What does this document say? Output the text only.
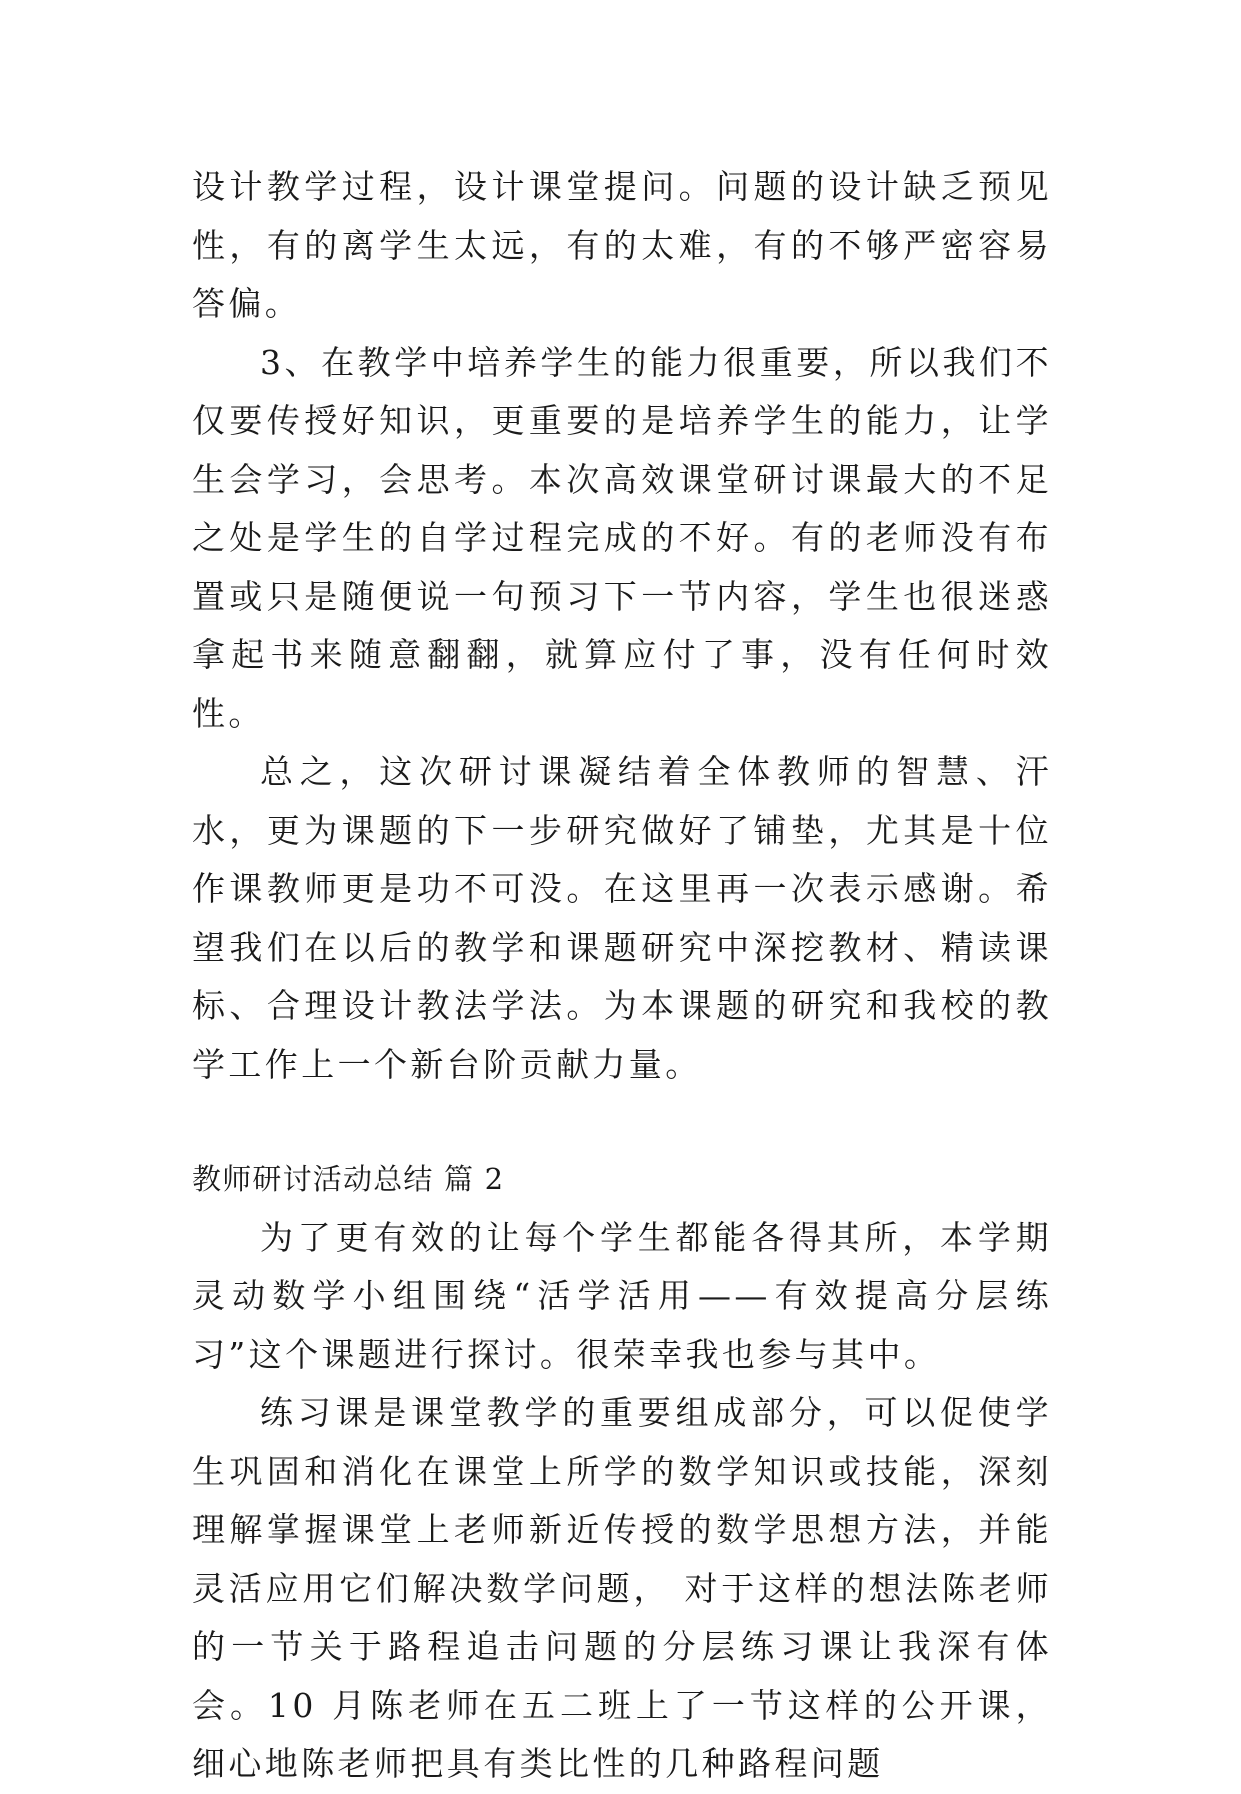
设计教学过程，设计课堂提问。问题的设计缺乏预见性，有的离学生太远，有的太难，有的不够严密容易答偏。

3、在教学中培养学生的能力很重要，所以我们不仅要传授好知识，更重要的是培养学生的能力，让学生会学习，会思考。本次高效课堂研讨课最大的不足之处是学生的自学过程完成的不好。有的老师没有布置或只是随便说一句预习下一节内容，学生也很迷惑拿起书来随意翻翻，就算应付了事，没有任何时效性。

总之，这次研讨课凝结着全体教师的智慧、汗水，更为课题的下一步研究做好了铺垫，尤其是十位作课教师更是功不可没。在这里再一次表示感谢。希望我们在以后的教学和课题研究中深挖教材、精读课标、合理设计教法学法。为本课题的研究和我校的教学工作上一个新台阶贡献力量。

教师研讨活动总结 篇 2

为了更有效的让每个学生都能各得其所，本学期灵动数学小组围绕“活学活用——有效提高分层练习”这个课题进行探讨。很荣幸我也参与其中。

练习课是课堂教学的重要组成部分，可以促使学生巩固和消化在课堂上所学的数学知识或技能，深刻理解掌握课堂上老师新近传授的数学思想方法，并能灵活应用它们解决数学问题， 对于这样的想法陈老师的一节关于路程追击问题的分层练习课让我深有体会。10 月陈老师在五二班上了一节这样的公开课，细心地陈老师把具有类比性的几种路程问题
